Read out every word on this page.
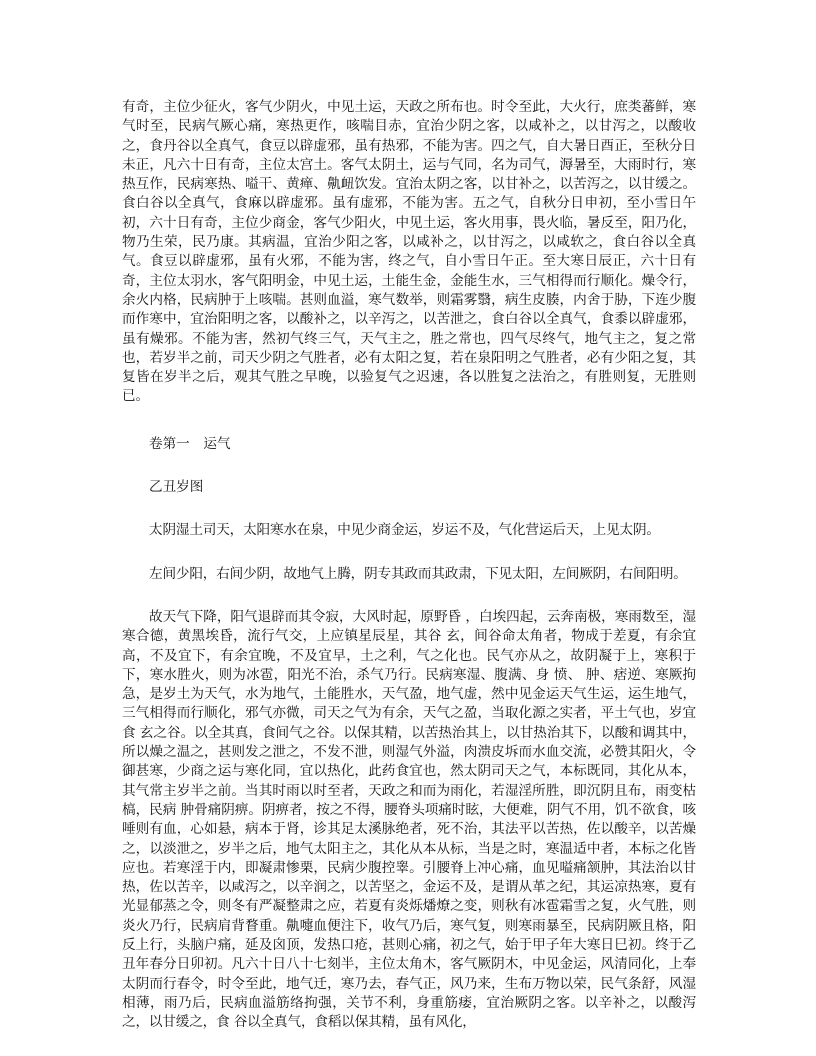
有奇，主位少征火，客气少阴火，中见土运，天政之所布也。时令至此，大火行，庶类蕃鲜，寒气时至，民病气厥心痛，寒热更作，咳喘目赤，宜治少阴之客，以咸补之，以甘泻之，以酸收之，食丹谷以全真气，食豆以辟虚邪，虽有热邪，不能为害。四之气，自大暑日酉正，至秋分日未正，凡六十日有奇，主位太宫土。客气太阴土，运与气同，名为司气，溽暑至，大雨时行，寒热互作，民病寒热、嗌干、黄瘅、鼽衄饮发。宜治太阴之客，以甘补之，以苦泻之，以甘缓之。食白谷以全真气，食麻以辟虚邪。虽有虚邪，不能为害。五之气，自秋分日申初，至小雪日午初，六十日有奇，主位少商金，客气少阳火，中见土运，客火用事，畏火临，暑反至，阳乃化，物乃生荣，民乃康。其病温，宜治少阳之客，以咸补之，以甘泻之，以咸软之，食白谷以全真气。食豆以辟虚邪，虽有火邪，不能为害，终之气，自小雪日午正。至大寒日辰正，六十日有奇，主位太羽水，客气阳明金，中见土运，土能生金，金能生水，三气相得而行顺化。燥令行，余火内格，民病肿于上咳喘。甚则血溢，寒气数举，则霜雾翳，病生皮腠，内舍于胁，下连少腹而作寒中，宜治阳明之客，以酸补之，以辛泻之，以苦泄之，食白谷以全真气，食黍以辟虚邪，虽有燥邪。不能为害，然初气终三气，天气主之，胜之常也，四气尽终气，地气主之，复之常也，若岁半之前，司天少阴之气胜者，必有太阳之复，若在泉阳明之气胜者，必有少阳之复，其复皆在岁半之后，观其气胜之早晚，以验复气之迟速，各以胜复之法治之，有胜则复，无胜则已。

卷第一　运气

乙丑岁图

太阴湿土司天，太阳寒水在泉，中见少商金运，岁运不及，气化营运后天，上见太阴。

左间少阳，右间少阴，故地气上腾，阴专其政而其政肃，下见太阳，左间厥阴，右间阳明。

故天气下降，阳气退辟而其令寂，大风时起，原野昏 ，白埃四起，云奔南极，寒雨数至，湿寒合德，黄黑埃昏，流行气交，上应镇星辰星，其谷 玄，间谷命太角者，物成于差夏，有余宜高，不及宜下，有余宜晚，不及宜早，土之利，气之化也。民气亦从之，故阴凝于上，寒积于下，寒水胜火，则为冰雹，阳光不治，杀气乃行。民病寒湿、腹满、身 愤、 肿、痞逆、寒厥拘急，是岁土为天气，水为地气，土能胜水，天气盈，地气虚，然中见金运天气生运，运生地气，三气相得而行顺化，邪气亦微，司天之气为有余，天气之盈，当取化源之实者，平土气也，岁宜食 玄之谷。以全其真，食间气之谷。以保其精，以苦热治其上，以甘热治其下，以酸和调其中，所以燥之温之，甚则发之泄之，不发不泄，则湿气外溢，肉溃皮坼而水血交流，必赞其阳火，令御甚寒，少商之运与寒化同，宜以热化，此药食宜也，然太阴司天之气，本标既同，其化从本，其气常主岁半之前。当其时雨以时至者，天政之和而为雨化，若湿淫所胜，即沉阴且布，雨变枯槁，民病 肿骨痛阴痹。阴痹者，按之不得，腰脊头项痛时眩，大便难，阴气不用，饥不欲食，咳唾则有血，心如悬，病本于肾，诊其足太溪脉绝者，死不治，其法平以苦热，佐以酸辛，以苦燥之，以淡泄之，岁半之后，地气太阳主之，其化从本从标，当是之时，寒温适中者，本标之化皆应也。若寒淫于内，即凝肃惨栗，民病少腹控睾。引腰脊上冲心痛，血见嗌痛颔肿，其法治以甘热，佐以苦辛，以咸泻之，以辛润之，以苦坚之，金运不及，是谓从革之纪，其运凉热寒，夏有光显郁蒸之令，则冬有严凝整肃之应，若夏有炎烁燔燎之变，则秋有冰雹霜雪之复，火气胜，则炎火乃行，民病肩背瞀重。鼽嚏血便注下，收气乃后，寒气复，则寒雨暴至，民病阴厥且格，阳反上行，头脑户痛，延及囟顶，发热口疮，甚则心痛，初之气，始于甲子年大寒日巳初。终于乙丑年春分日卯初。凡六十日八十七刻半，主位太角木，客气厥阴木，中见金运，风清同化，上奉太阴而行春令，时令至此，地气迁，寒乃去，春气正，风乃来，生布万物以荣，民气条舒，风湿相薄，雨乃后，民病血溢筋络拘强，关节不利，身重筋痿，宜治厥阴之客。以辛补之，以酸泻之，以甘缓之，食 谷以全真气，食稻以保其精，虽有风化，
